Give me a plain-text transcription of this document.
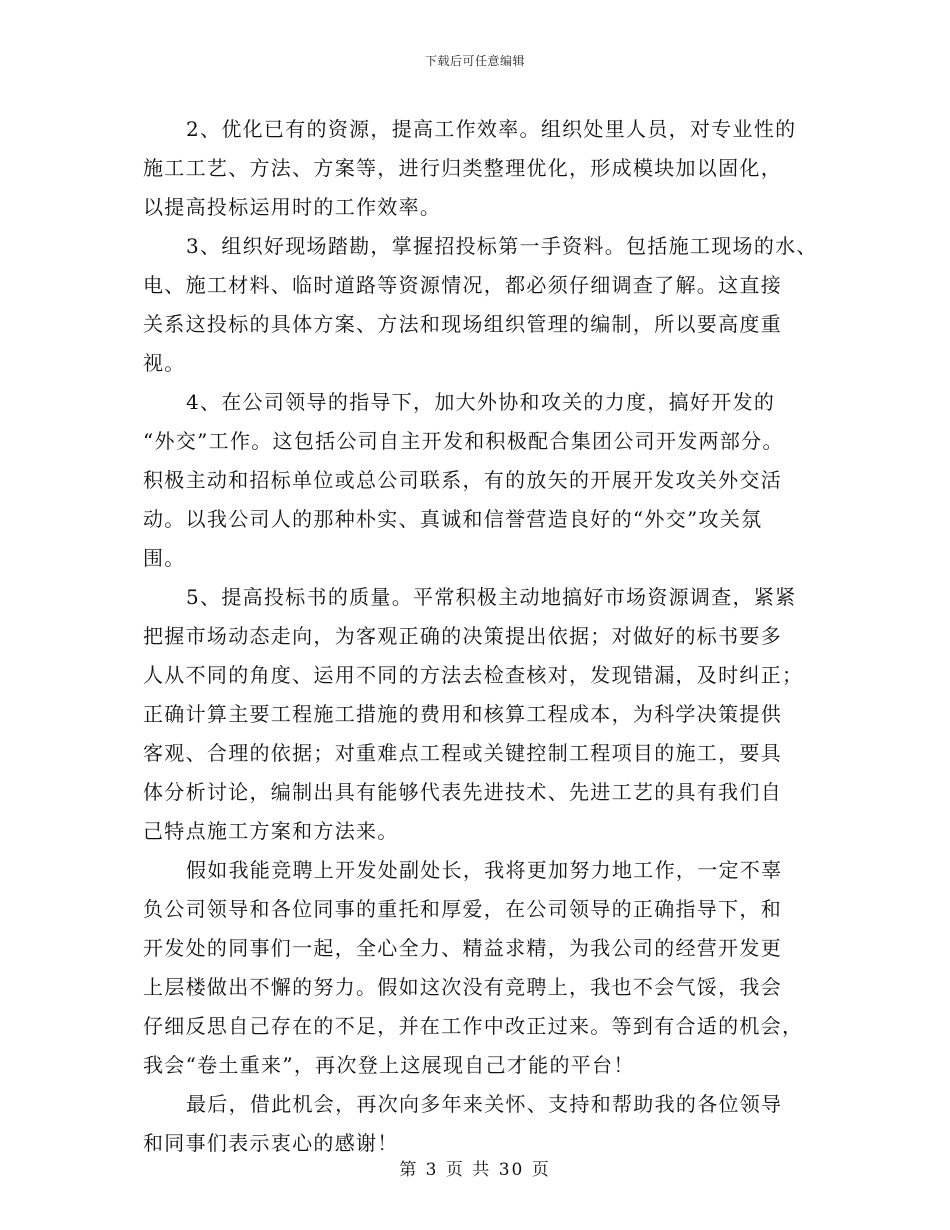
下载后可任意编辑
2、优化已有的资源，提高工作效率。组织处里人员，对专业性的
施工工艺、方法、方案等，进行归类整理优化，形成模块加以固化，
以提高投标运用时的工作效率。
3、组织好现场踏勘，掌握招投标第一手资料。包括施工现场的水、
电、施工材料、临时道路等资源情况，都必须仔细调查了解。这直接
关系这投标的具体方案、方法和现场组织管理的编制，所以要高度重
视。
4、在公司领导的指导下，加大外协和攻关的力度，搞好开发的
“外交”工作。这包括公司自主开发和积极配合集团公司开发两部分。
积极主动和招标单位或总公司联系，有的放矢的开展开发攻关外交活
动。以我公司人的那种朴实、真诚和信誉营造良好的“外交”攻关氛
围。
5、提高投标书的质量。平常积极主动地搞好市场资源调查，紧紧
把握市场动态走向，为客观正确的决策提出依据；对做好的标书要多
人从不同的角度、运用不同的方法去检查核对，发现错漏，及时纠正；
正确计算主要工程施工措施的费用和核算工程成本，为科学决策提供
客观、合理的依据；对重难点工程或关键控制工程项目的施工，要具
体分析讨论，编制出具有能够代表先进技术、先进工艺的具有我们自
己特点施工方案和方法来。
假如我能竞聘上开发处副处长，我将更加努力地工作，一定不辜
负公司领导和各位同事的重托和厚爱，在公司领导的正确指导下，和
开发处的同事们一起，全心全力、精益求精，为我公司的经营开发更
上层楼做出不懈的努力。假如这次没有竞聘上，我也不会气馁，我会
仔细反思自己存在的不足，并在工作中改正过来。等到有合适的机会，
我会“卷土重来”，再次登上这展现自己才能的平台！
最后，借此机会，再次向多年来关怀、支持和帮助我的各位领导
和同事们表示衷心的感谢！
第 3 页 共 30 页
